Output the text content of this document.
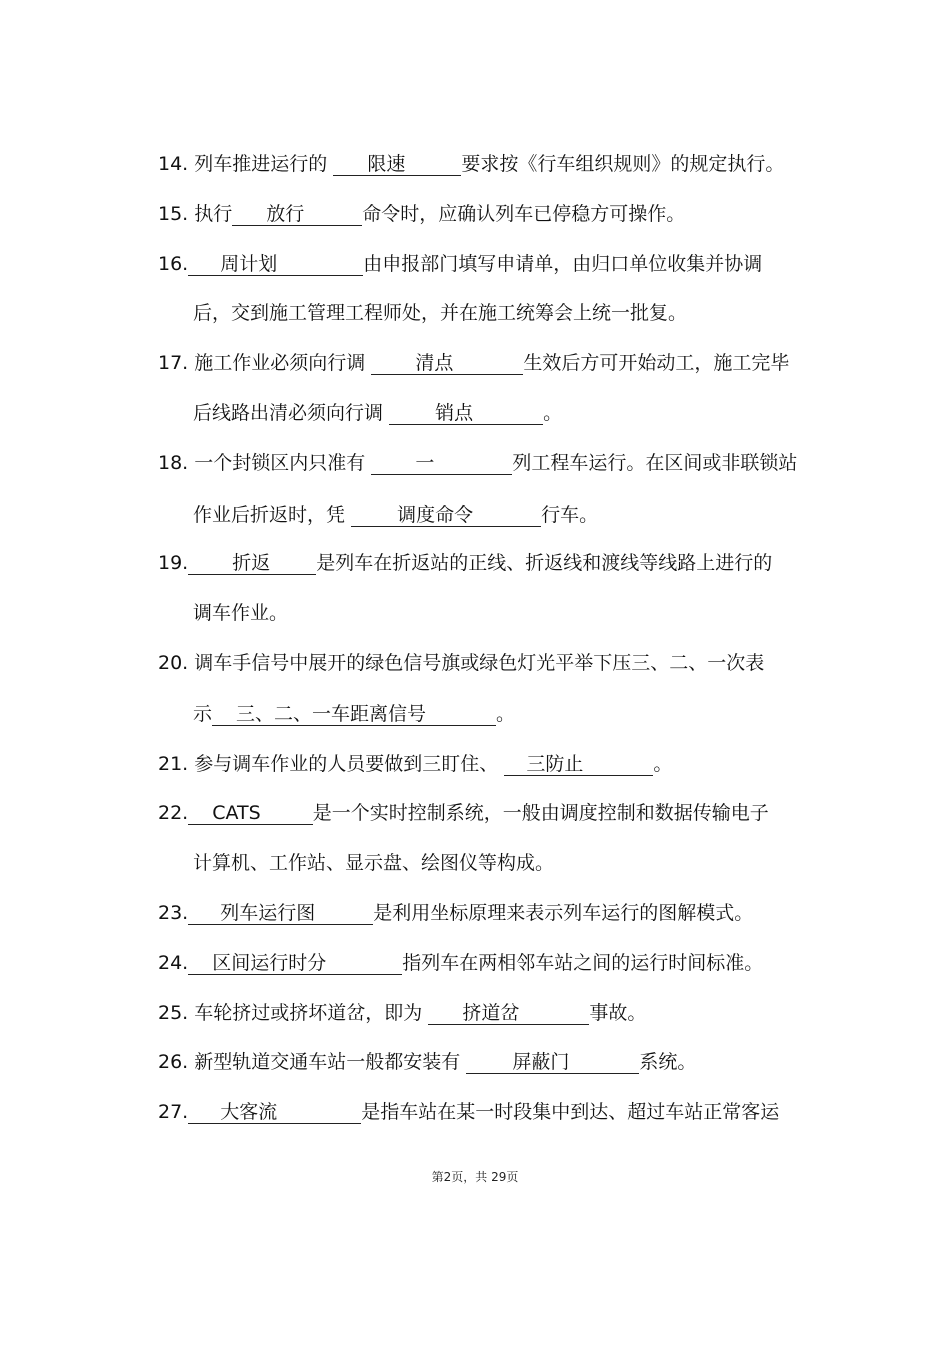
14. 列车推进运行的 限速	要求按《行车组织规则》的规定执行。
15. 执行 放行	命令时，应确认列车已停稳方可操作。
16. 周计划	由申报部门填写申请单，由归口单位收集并协调
后，交到施工管理工程师处，并在施工统筹会上统一批复。
17. 施工作业必须向行调	清点	生效后方可开始动工，施工完毕
后线路出清必须向行调	销点	。
18. 一个封锁区内只准有	一	列工程车运行。在区间或非联锁站
作业后折返时，凭	调度命令	行车。
19. 折返 是列车在折返站的正线、折返线和渡线等线路上进行的
调车作业。
20. 调车手信号中展开的绿色信号旗或绿色灯光平举下压三、二、一次表
示 三、二、一车距离信号	。
21. 参与调车作业的人员要做到三盯住、 三防止	。
22. CATS	是一个实时控制系统，一般由调度控制和数据传输电子
计算机、工作站、显示盘、绘图仪等构成。
23. 列车运行图	是利用坐标原理来表示列车运行的图解模式。
24. 区间运行时分	指列车在两相邻车站之间的运行时间标准。
25. 车轮挤过或挤坏道岔，即为 挤道岔	事故。
26. 新型轨道交通车站一般都安装有	屏蔽门	系统。
27. 大客流	是指车站在某一时段集中到达、超过车站正常客运
第2页，共 29页
